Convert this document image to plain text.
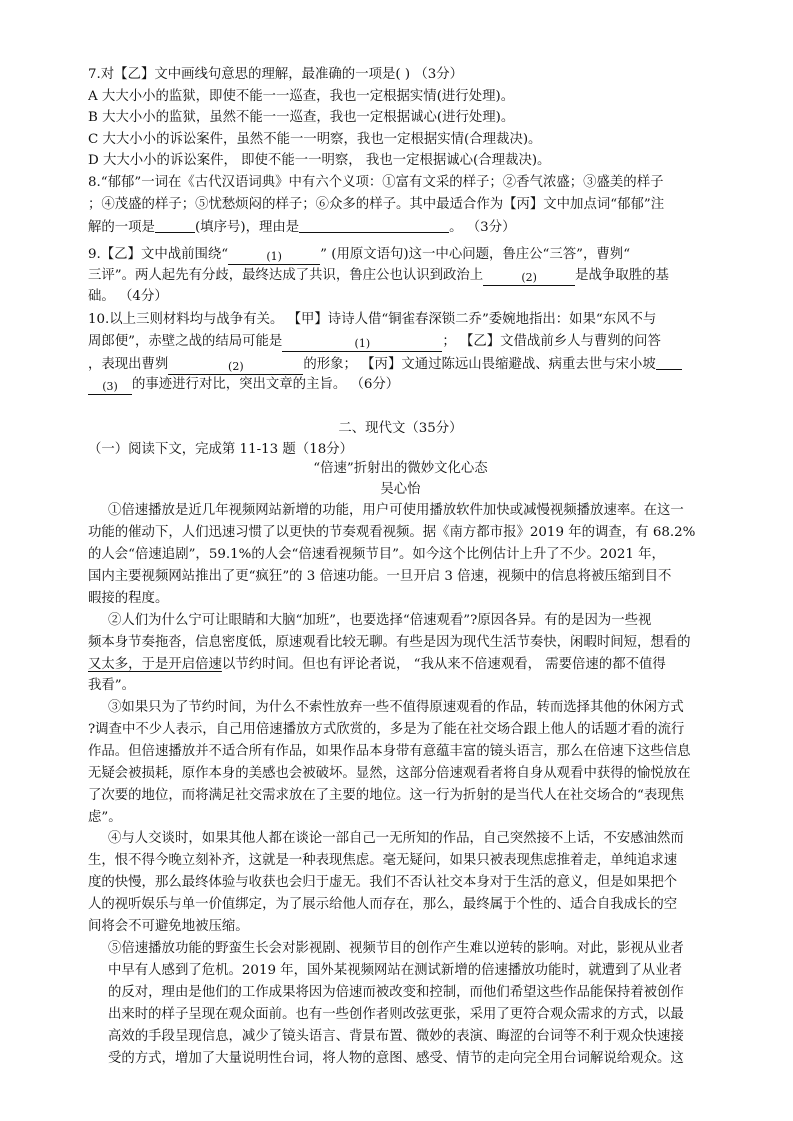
7.对【乙】文中画线句意思的理解，最准确的一项是( ) （3分）
A 大大小小的监狱，即使不能一一巡查，我也一定根据实情(进行处理)。
B 大大小小的监狱，虽然不能一一巡查，我也一定根据诚心(进行处理)。
C 大大小小的诉讼案件，虽然不能一一明察，我也一定根据实情(合理裁决)。
D 大大小小的诉讼案件， 即使不能一一明察， 我也一定根据诚心(合理裁决)。
8.“郁郁”一词在《古代汉语词典》中有六个义项：①富有文采的样子；②香气浓盛；③盛美的样子
；④茂盛的样子；⑤忧愁烦闷的样子；⑥众多的样子。其中最适合作为【丙】文中加点词“郁郁”注
解的一项是	(填序号)，理由是	。 （3分）
9.【乙】文中战前围绕“	(1)	” (用原文语句)这一中心问题，鲁庄公“三答”，曹刿“
三评”。两人起先有分歧，最终达成了共识，鲁庄公也认识到政治上	(2)	是战争取胜的基
础。 （4分）
10.以上三则材料均与战争有关。 【甲】诗诗人借“铜雀春深锁二乔”委婉地指出：如果“东风不与
周郎便”，赤壁之战的结局可能是	(1)	； 【乙】文借战前乡人与曹刿的问答
，表现出曹刿	(2)	的形象； 【丙】文通过陈远山畏缩避战、病重去世与宋小坡
(3) 的事迹进行对比，突出文章的主旨。 （6分）
二、现代文（35分）
（一）阅读下文，完成第 11-13 题（18分）
“倍速”折射出的微妙文化心态
吴心怡
①倍速播放是近几年视频网站新增的功能，用户可使用播放软件加快或减慢视频播放速率。在这一
功能的催动下，人们迅速习惯了以更快的节奏观看视频。据《南方都市报》2019 年的调查，有 68.2%
的人会“倍速追剧”，59.1%的人会“倍速看视频节目”。如今这个比例估计上升了不少。2021 年，
国内主要视频网站推出了更“疯狂”的 3 倍速功能。一旦开启 3 倍速，视频中的信息将被压缩到目不
暇接的程度。
②人们为什么宁可让眼睛和大脑“加班”，也要选择“倍速观看”?原因各异。有的是因为一些视
频本身节奏拖沓，信息密度低，原速观看比较无聊。有些是因为现代生活节奏快，闲暇时间短，想看的
又太多，于是开启倍速以节约时间。但也有评论者说， “我从来不倍速观看， 需要倍速的都不值得
我看”。
③如果只为了节约时间，为什么不索性放弃一些不值得原速观看的作品，转而选择其他的休闲方式
?调查中不少人表示，自己用倍速播放方式欣赏的，多是为了能在社交场合跟上他人的话题才看的流行
作品。但倍速播放并不适合所有作品，如果作品本身带有意蕴丰富的镜头语言，那么在倍速下这些信息
无疑会被损耗，原作本身的美感也会被破坏。显然，这部分倍速观看者将自身从观看中获得的愉悦放在
了次要的地位，而将满足社交需求放在了主要的地位。这一行为折射的是当代人在社交场合的“表现焦
虑”。
④与人交谈时，如果其他人都在谈论一部自己一无所知的作品，自己突然接不上话，不安感油然而
生，恨不得今晚立刻补齐，这就是一种表现焦虑。毫无疑问，如果只被表现焦虑推着走，单纯追求速
度的快慢，那么最终体验与收获也会归于虚无。我们不否认社交本身对于生活的意义，但是如果把个
人的视听娱乐与单一价值绑定，为了展示给他人而存在，那么，最终属于个性的、适合自我成长的空
间将会不可避免地被压缩。
⑤倍速播放功能的野蛮生长会对影视剧、视频节目的创作产生难以逆转的影响。对此，影视从业者
中早有人感到了危机。2019 年，国外某视频网站在测试新增的倍速播放功能时，就遭到了从业者
的反对，理由是他们的工作成果将因为倍速而被改变和控制，而他们希望这些作品能保持着被创作
出来时的样子呈现在观众面前。也有一些创作者则改弦更张，采用了更符合观众需求的方式，以最
高效的手段呈现信息，减少了镜头语言、背景布置、微妙的表演、晦涩的台词等不利于观众快速接
受的方式，增加了大量说明性台词，将人物的意图、感受、情节的走向完全用台词解说给观众。这
